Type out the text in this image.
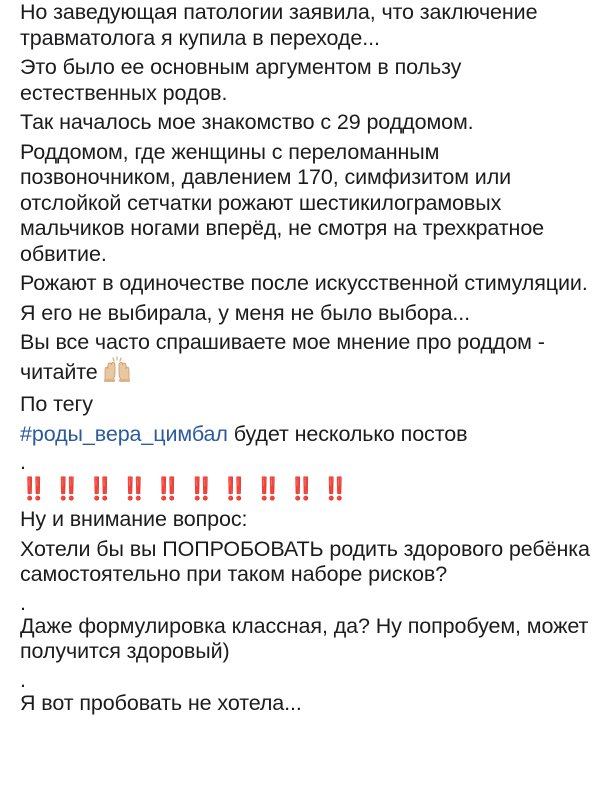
Но заведующая патологии заявила, что заключение травматолога я купила в переходе...

Это было ее основным аргументом в пользу естественных родов.

Так началось мое знакомство с 29 роддомом.

Роддомом, где женщины с переломанным позвоночником, давлением 170, симфизитом или отслойкой сетчатки рожают шестикилограмовых мальчиков ногами вперёд, не смотря на трехкратное обвитие.

Рожают в одиночестве после искусственной стимуляции.

Я его не выбирала, у меня не было выбора...

Вы все часто спрашиваете мое мнение про роддом - читайте

По тегу

#роды_вера_цимбал будет несколько постов

.

‼️ ‼️ ‼️ ‼️ ‼️ ‼️ ‼️ ‼️ ‼️ ‼️

Ну и внимание вопрос:

Хотели бы вы ПОПРОБОВАТЬ родить здорового ребёнка самостоятельно при таком наборе рисков?

.

Даже формулировка классная, да? Ну попробуем, может получится здоровый)

.

Я вот пробовать не хотела...
